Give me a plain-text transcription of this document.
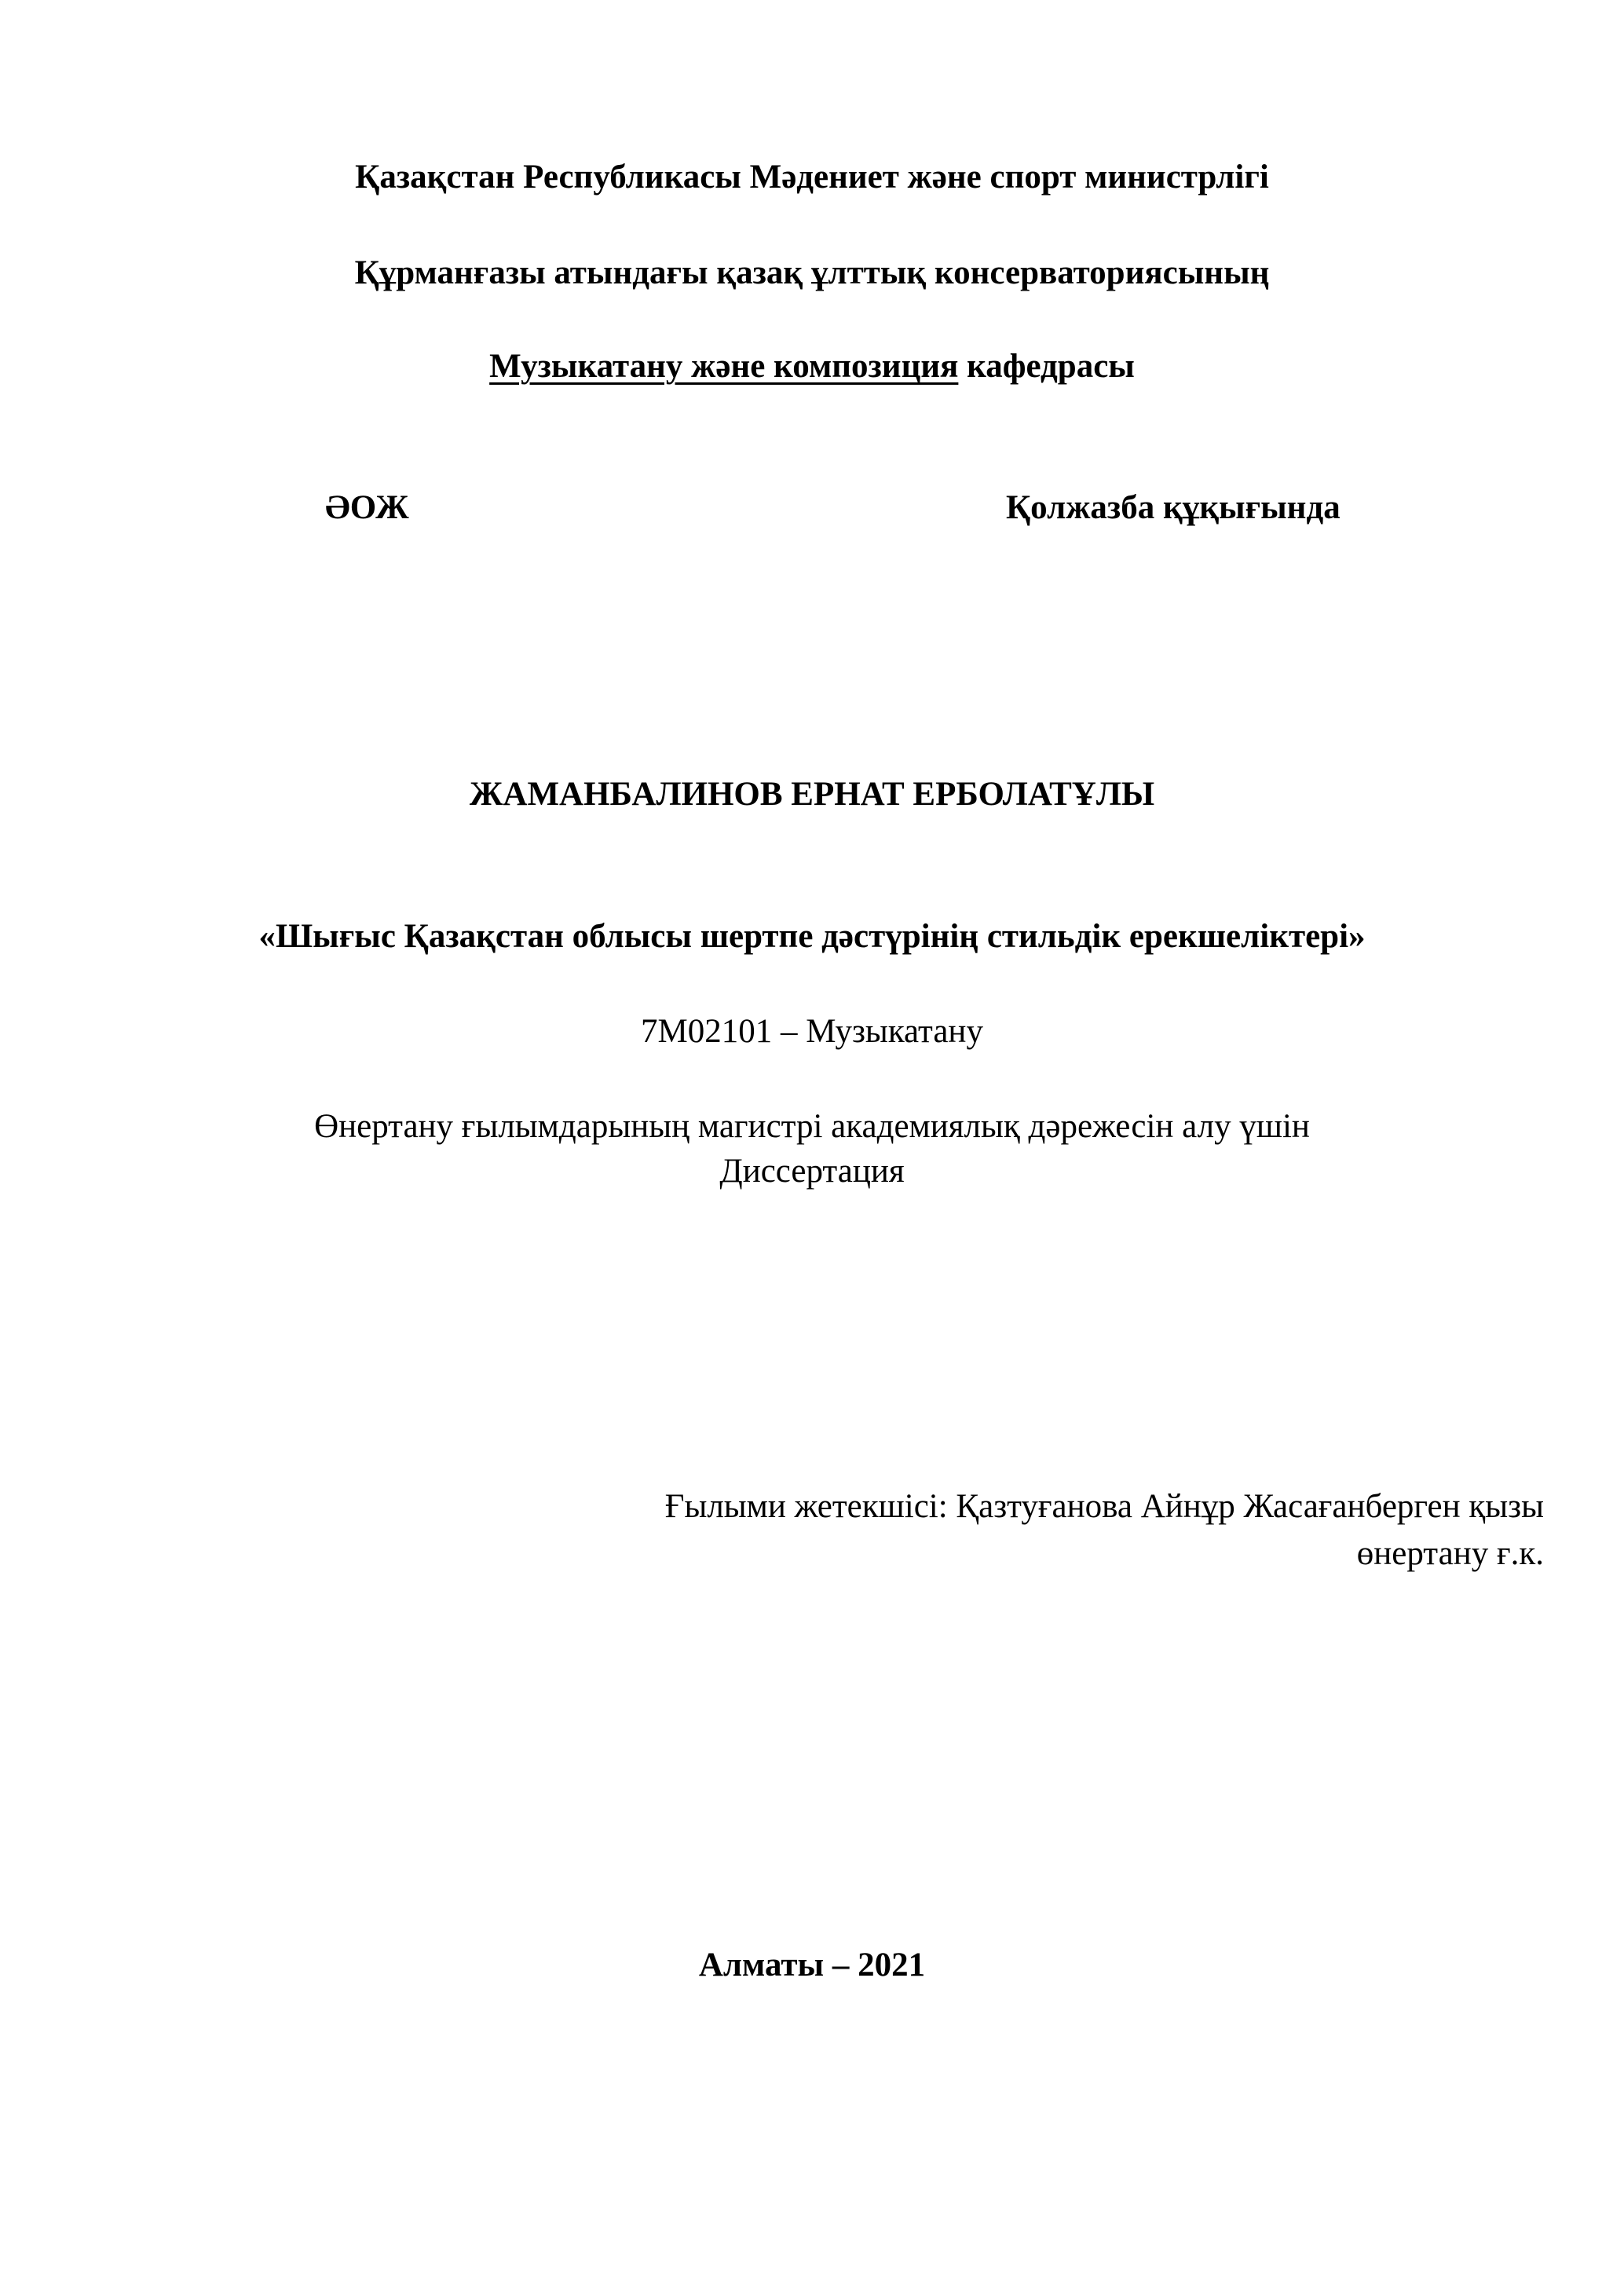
Қазақстан Республикасы Мәдениет және спорт министрлігі
Құрманғазы атындағы қазақ ұлттық консерваториясының
Музыкатану және композиция кафедрасы
ӘОЖ	Қолжазба құқығында
ЖАМАНБАЛИНОВ ЕРНАТ ЕРБОЛАТҰЛЫ
«Шығыс Қазақстан облысы шертпе дәстүрінің стильдік ерекшеліктері»
7M02101 – Музыкатану
Өнертану ғылымдарының магистрі академиялық дәрежесін алу үшін
Диссертация
Ғылыми жетекшісі: Қазтуғанова Айнұр Жасағанберген қызы
өнертану ғ.к.
Алматы – 2021
